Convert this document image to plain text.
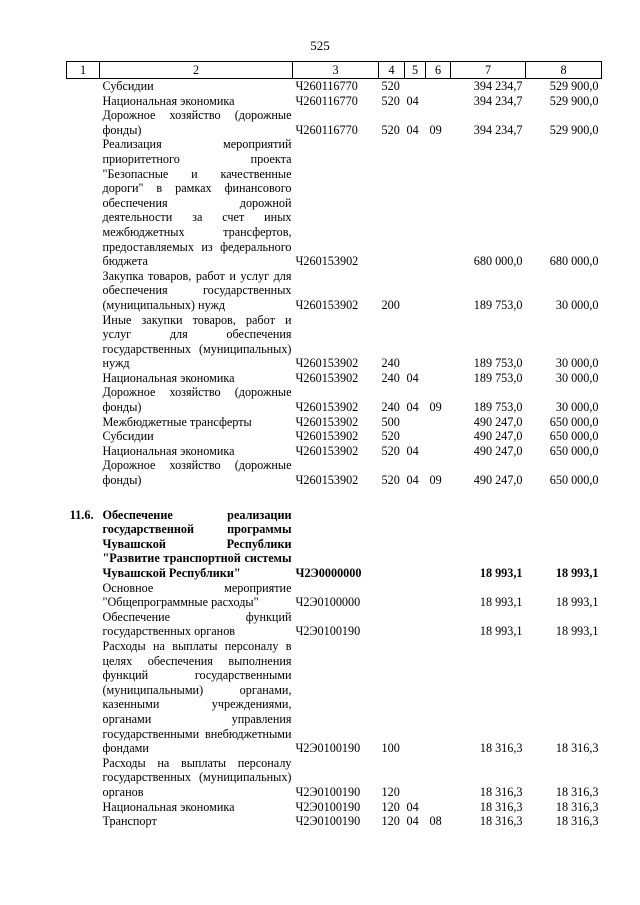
525
1	2	3	4	5	6	7	8
	Субсидии	Ч260116770	520			394 234,7	529 900,0
	Национальная экономика	Ч260116770	520	04		394 234,7	529 900,0
	Дорожное хозяйство (дорожные фонды)	Ч260116770	520	04	09	394 234,7	529 900,0
	Реализация мероприятий приоритетного проекта "Безопасные и качественные дороги" в рамках финансового обеспечения дорожной деятельности за счет иных межбюджетных трансфертов, предоставляемых из федерального бюджета	Ч260153902				680 000,0	680 000,0
	Закупка товаров, работ и услуг для обеспечения государственных (муниципальных) нужд	Ч260153902	200			189 753,0	30 000,0
	Иные закупки товаров, работ и услуг для обеспечения государственных (муниципальных) нужд	Ч260153902	240			189 753,0	30 000,0
	Национальная экономика	Ч260153902	240	04		189 753,0	30 000,0
	Дорожное хозяйство (дорожные фонды)	Ч260153902	240	04	09	189 753,0	30 000,0
	Межбюджетные трансферты	Ч260153902	500			490 247,0	650 000,0
	Субсидии	Ч260153902	520			490 247,0	650 000,0
	Национальная экономика	Ч260153902	520	04		490 247,0	650 000,0
	Дорожное хозяйство (дорожные фонды)	Ч260153902	520	04	09	490 247,0	650 000,0

11.6.	Обеспечение реализации государственной программы Чувашской Республики "Развитие транспортной системы Чувашской Республики"	Ч2Э0000000				18 993,1	18 993,1
	Основное мероприятие "Общепрограммные расходы"	Ч2Э0100000				18 993,1	18 993,1
	Обеспечение функций государственных органов	Ч2Э0100190				18 993,1	18 993,1
	Расходы на выплаты персоналу в целях обеспечения выполнения функций государственными (муниципальными) органами, казенными учреждениями, органами управления государственными внебюджетными фондами	Ч2Э0100190	100			18 316,3	18 316,3
	Расходы на выплаты персоналу государственных (муниципальных) органов	Ч2Э0100190	120			18 316,3	18 316,3
	Национальная экономика	Ч2Э0100190	120	04		18 316,3	18 316,3
	Транспорт	Ч2Э0100190	120	04	08	18 316,3	18 316,3
